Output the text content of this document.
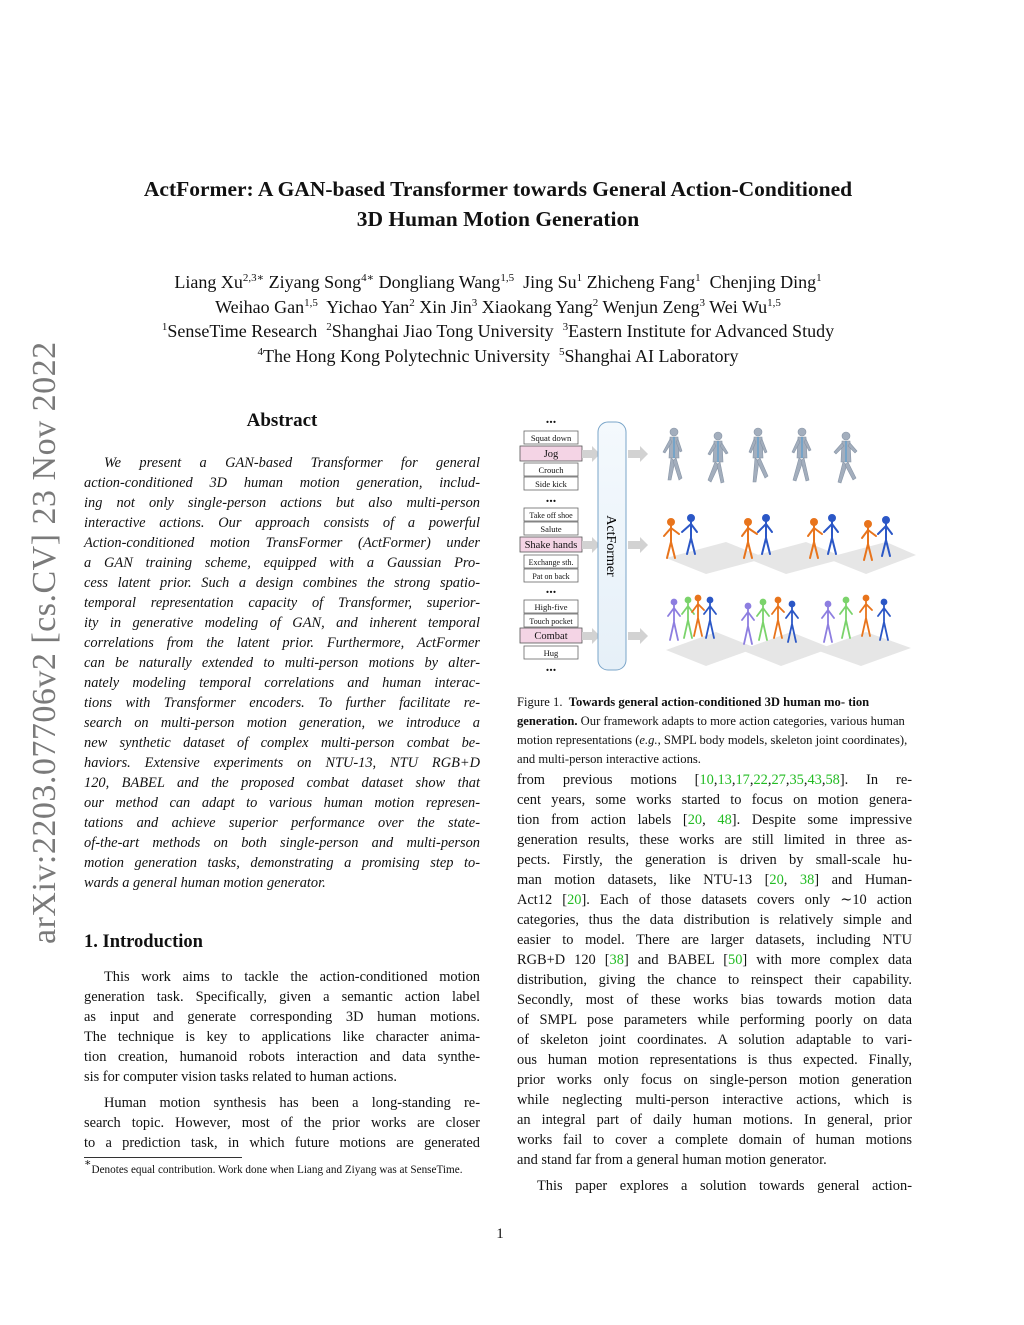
arXiv:2203.07706v2 [cs.CV] 23 Nov 2022
ActFormer: A GAN-based Transformer towards General Action-Conditioned
3D Human Motion Generation
Liang $Xu^{2,3∗}$ Ziyang Song$^{4∗}$ Dongliang Wang$^{1,5}$ Jing Su$^1$ Zhicheng Fang$^1$ Chenjing Ding$^1$
Weihao Gan$^{1,5}$ Yichao Yan$^2$ Xin Jin$^3$ Xiaokang Yang$^2$ Wenjun Zeng$^3$ Wei Wu$^{1,5}$
$^1$SenseTime Research $^2$Shanghai Jiao Tong University $^3$Eastern Institute for Advanced Study
$^4$The Hong Kong Polytechnic University $^5$Shanghai AI Laboratory
Abstract
We present a GAN-based Transformer for general
action-conditioned 3D human motion generation, includ-
ing not only single-person actions but also multi-person
interactive actions. Our approach consists of a powerful
Action-conditioned motion TransFormer (ActFormer) under
a GAN training scheme, equipped with a Gaussian Pro-
cess latent prior. Such a design combines the strong spatio-
temporal representation capacity of Transformer, superior-
ity in generative modeling of GAN, and inherent temporal
correlations from the latent prior. Furthermore, ActFormer
can be naturally extended to multi-person motions by alter-
nately modeling temporal correlations and human interac-
tions with Transformer encoders. To further facilitate re-
search on multi-person motion generation, we introduce a
new synthetic dataset of complex multi-person combat be-
haviors. Extensive experiments on NTU-13, NTU RGB+D
120, BABEL and the proposed combat dataset show that
our method can adapt to various human motion represen-
tations and achieve superior performance over the state-
of-the-art methods on both single-person and multi-person
motion generation tasks, demonstrating a promising step to-
wards a general human motion generator.
1. Introduction
This work aims to tackle the action-conditioned motion
generation task. Specifically, given a semantic action label
as input and generate corresponding 3D human motions.
The technique is key to applications like character anima-
tion creation, humanoid robots interaction and data synthe-
sis for computer vision tasks related to human actions.
Human motion synthesis has been a long-standing re-
search topic. However, most of the prior works are closer
to a prediction task, in which future motions are generated
∗Denotes equal contribution. Work done when Liang and Ziyang was at SenseTime.
...
...
...
...
Squat down
Jog
Crouch
Side kick
Take off shoe
Salute
Shake hands
Exchange sth.
Pat on back
High-five
Touch pocket
Combat
Hug
ActFormer
Figure 1. Towards general action-conditioned 3D human mo- tion generation. Our framework adapts to more action categories, various human motion representations (e.g., SMPL body models, skeleton joint coordinates), and multi-person interactive actions.
from previous motions [10,13,17,22,27,35,43,58]. In re-
cent years, some works started to focus on motion genera-
tion from action labels [20, 48]. Despite some impressive
generation results, these works are still limited in three as-
pects. Firstly, the generation is driven by small-scale hu-
man motion datasets, like NTU-13 [20, 38] and Human-
Act12 [20]. Each of those datasets covers only ∼10 action
categories, thus the data distribution is relatively simple and
easier to model. There are larger datasets, including NTU
RGB+D 120 [38] and BABEL [50] with more complex data
distribution, giving the chance to reinspect their capability.
Secondly, most of these works bias towards motion data
of SMPL pose parameters while performing poorly on data
of skeleton joint coordinates. A solution adaptable to vari-
ous human motion representations is thus expected. Finally,
prior works only focus on single-person motion generation
while neglecting multi-person interactive actions, which is
an integral part of daily human motions. In general, prior
works fail to cover a complete domain of human motions
and stand far from a general human motion generator.
This paper explores a solution towards general action-
1
